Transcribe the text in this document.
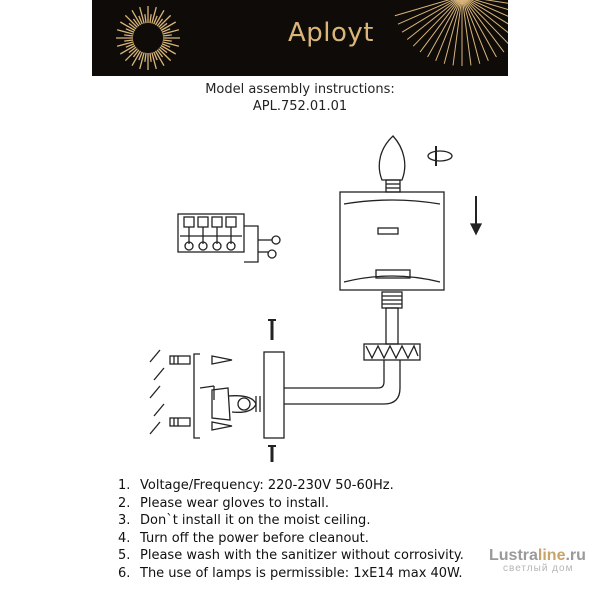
Aployt
Model assembly instructions:
APL.752.01.01
1. Voltage/Frequency: 220-230V 50-60Hz.
2. Please wear gloves to install.
3. Don`t install it on the moist ceiling.
4. Turn off the power before cleanout.
5. Please wash with the sanitizer without corrosivity.
6. The use of lamps is permissible: 1xE14 max 40W.
Lustraline.ru
светлый дом
